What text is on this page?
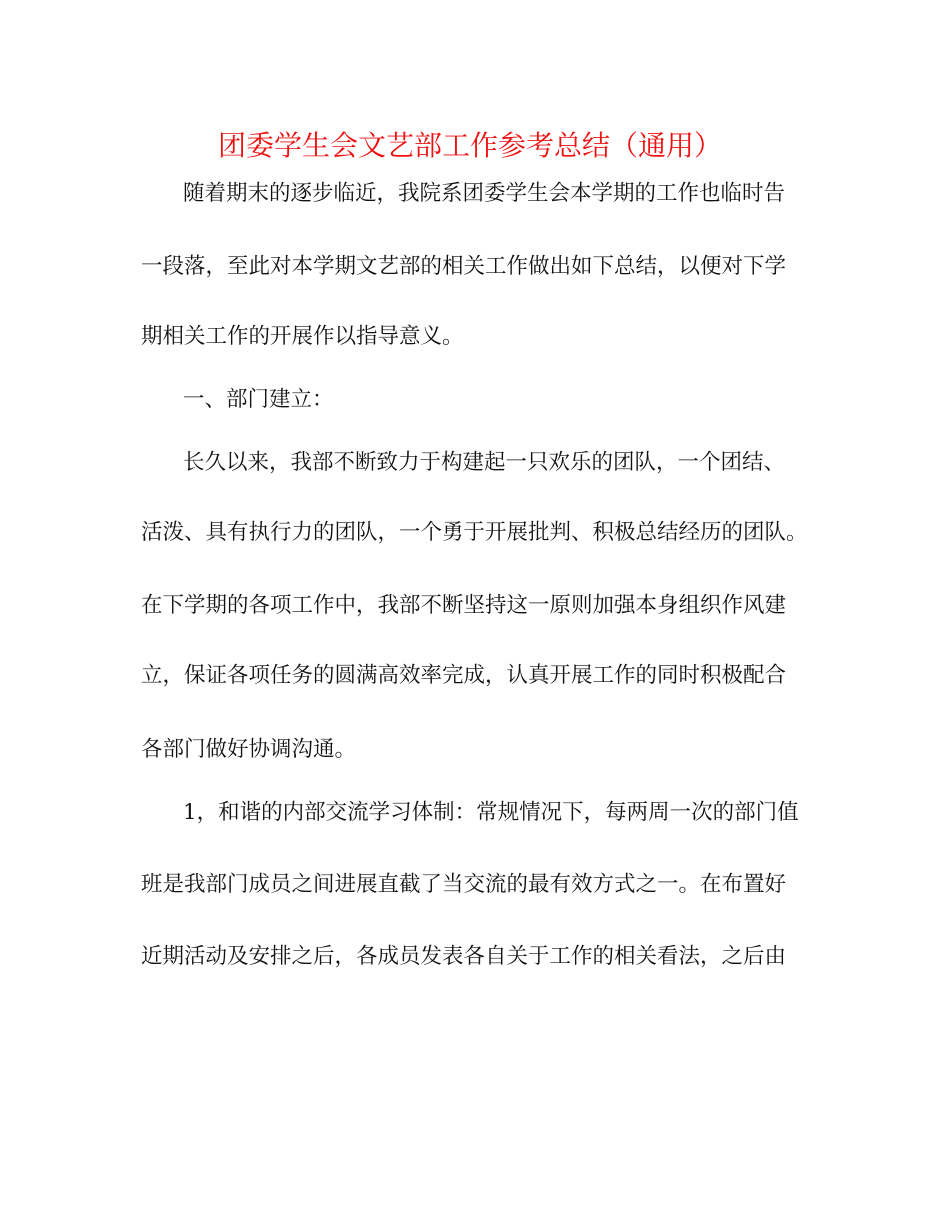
团委学生会文艺部工作参考总结（通用）
随着期末的逐步临近，我院系团委学生会本学期的工作也临时告
一段落，至此对本学期文艺部的相关工作做出如下总结，以便对下学
期相关工作的开展作以指导意义。
一、部门建立：
长久以来，我部不断致力于构建起一只欢乐的团队，一个团结、
活泼、具有执行力的团队，一个勇于开展批判、积极总结经历的团队。
在下学期的各项工作中，我部不断坚持这一原则加强本身组织作风建
立，保证各项任务的圆满高效率完成，认真开展工作的同时积极配合
各部门做好协调沟通。
1，和谐的内部交流学习体制：常规情况下，每两周一次的部门值
班是我部门成员之间进展直截了当交流的最有效方式之一。在布置好
近期活动及安排之后，各成员发表各自关于工作的相关看法，之后由
